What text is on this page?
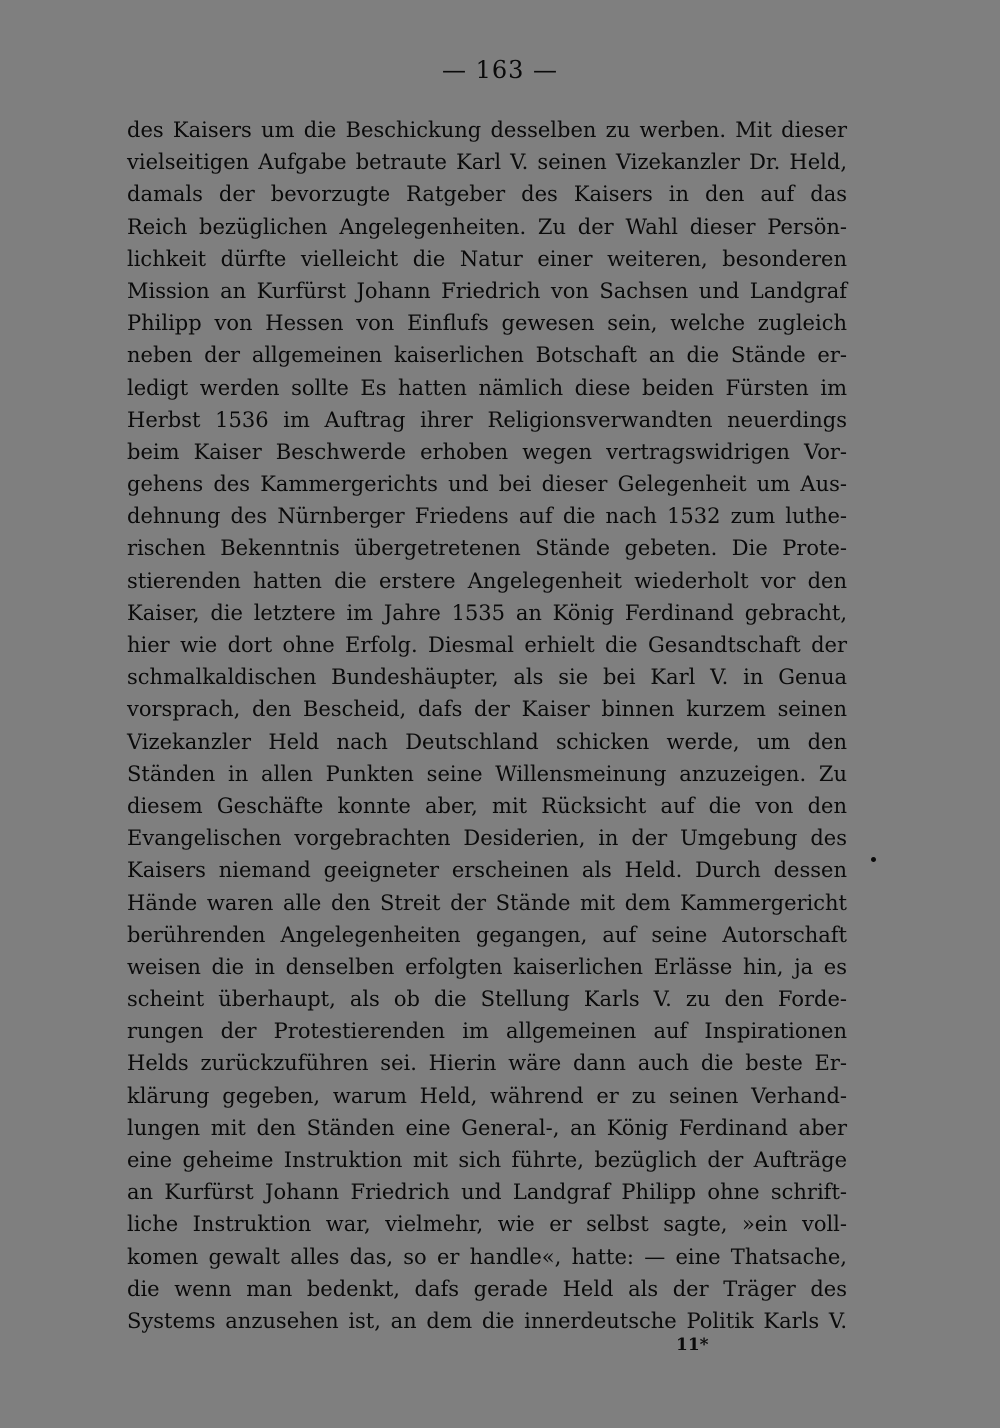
— 163 —
des Kaisers um die Beschickung desselben zu werben. Mit dieser
vielseitigen Aufgabe betraute Karl V. seinen Vizekanzler Dr. Held,
damals der bevorzugte Ratgeber des Kaisers in den auf das
Reich bezüglichen Angelegenheiten. Zu der Wahl dieser Persön-
lichkeit dürfte vielleicht die Natur einer weiteren, besonderen
Mission an Kurfürst Johann Friedrich von Sachsen und Landgraf
Philipp von Hessen von Einflufs gewesen sein, welche zugleich
neben der allgemeinen kaiserlichen Botschaft an die Stände er-
ledigt werden sollte Es hatten nämlich diese beiden Fürsten im
Herbst 1536 im Auftrag ihrer Religionsverwandten neuerdings
beim Kaiser Beschwerde erhoben wegen vertragswidrigen Vor-
gehens des Kammergerichts und bei dieser Gelegenheit um Aus-
dehnung des Nürnberger Friedens auf die nach 1532 zum luthe-
rischen Bekenntnis übergetretenen Stände gebeten. Die Prote-
stierenden hatten die erstere Angelegenheit wiederholt vor den
Kaiser, die letztere im Jahre 1535 an König Ferdinand gebracht,
hier wie dort ohne Erfolg. Diesmal erhielt die Gesandtschaft der
schmalkaldischen Bundeshäupter, als sie bei Karl V. in Genua
vorsprach, den Bescheid, dafs der Kaiser binnen kurzem seinen
Vizekanzler Held nach Deutschland schicken werde, um den
Ständen in allen Punkten seine Willensmeinung anzuzeigen. Zu
diesem Geschäfte konnte aber, mit Rücksicht auf die von den
Evangelischen vorgebrachten Desiderien, in der Umgebung des
Kaisers niemand geeigneter erscheinen als Held. Durch dessen
Hände waren alle den Streit der Stände mit dem Kammergericht
berührenden Angelegenheiten gegangen, auf seine Autorschaft
weisen die in denselben erfolgten kaiserlichen Erlässe hin, ja es
scheint überhaupt, als ob die Stellung Karls V. zu den Forde-
rungen der Protestierenden im allgemeinen auf Inspirationen
Helds zurückzuführen sei. Hierin wäre dann auch die beste Er-
klärung gegeben, warum Held, während er zu seinen Verhand-
lungen mit den Ständen eine General-, an König Ferdinand aber
eine geheime Instruktion mit sich führte, bezüglich der Aufträge
an Kurfürst Johann Friedrich und Landgraf Philipp ohne schrift-
liche Instruktion war, vielmehr, wie er selbst sagte, »ein voll-
komen gewalt alles das, so er handle«, hatte: — eine Thatsache,
die wenn man bedenkt, dafs gerade Held als der Träger des
Systems anzusehen ist, an dem die innerdeutsche Politik Karls V.
11*
